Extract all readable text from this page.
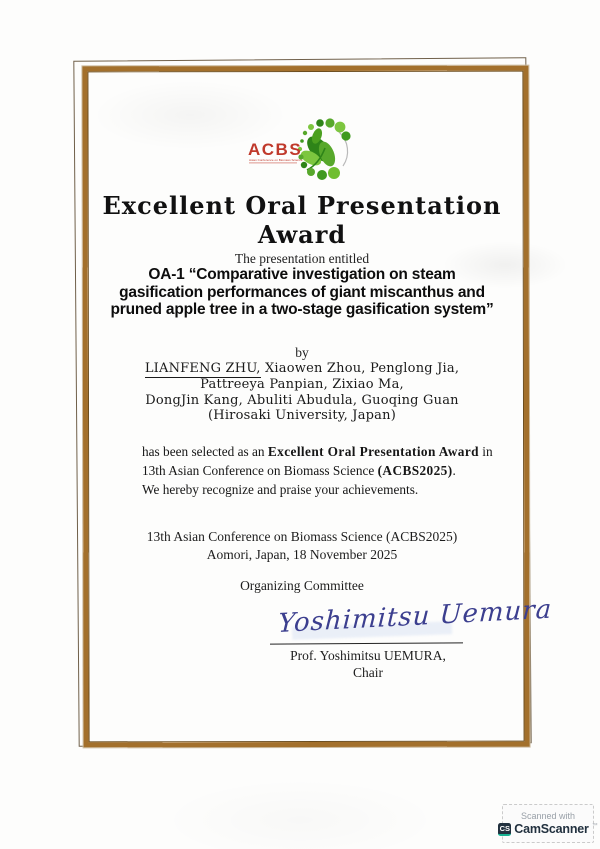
ACBS
Asian Conference on Biomass Science
Excellent Oral Presentation Award
The presentation entitled
OA-1 “Comparative investigation on steam
gasification performances of giant miscanthus and
pruned apple tree in a two-stage gasification system”
by
LIANFENG ZHU, Xiaowen Zhou, Penglong Jia,
Pattreeya Panpian, Zixiao Ma,
DongJin Kang, Abuliti Abudula, Guoqing Guan
(Hirosaki University, Japan)
has been selected as an Excellent Oral Presentation Award in
13th Asian Conference on Biomass Science (ACBS2025).
We hereby recognize and praise your achievements.
13th Asian Conference on Biomass Science (ACBS2025)
Aomori, Japan, 18 November 2025
Organizing Committee
Yoshimitsu Uemura
Prof. Yoshimitsu UEMURA,
Chair
Scanned with
CS CamScanner ™
